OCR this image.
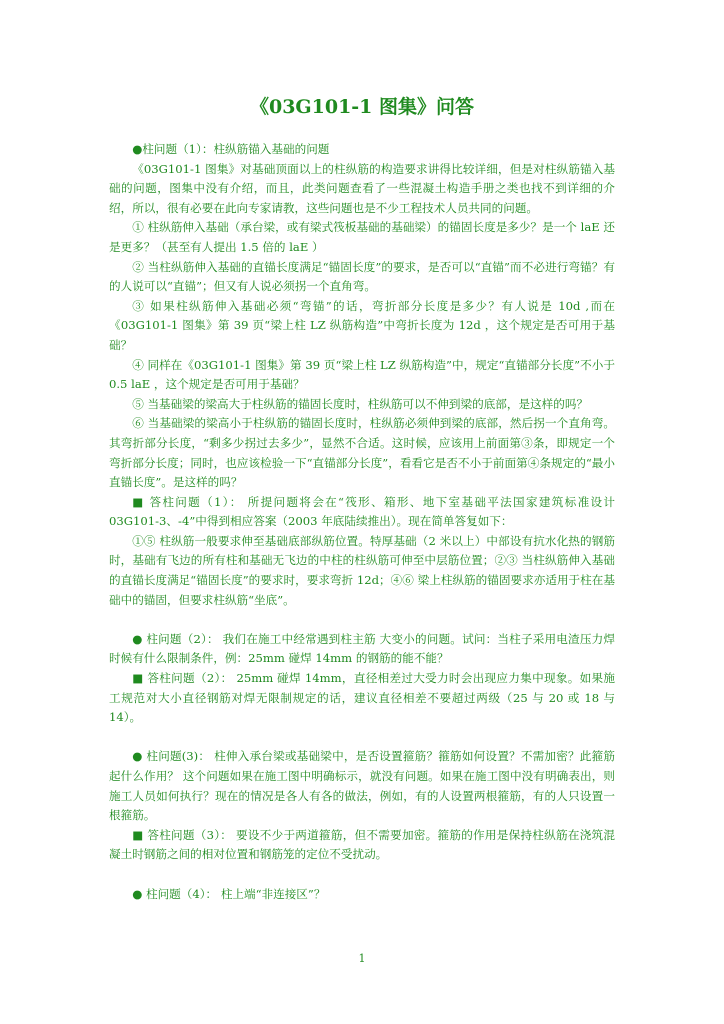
《03G101-1 图集》问答

●柱问题（1）：柱纵筋锚入基础的问题

《03G101-1 图集》对基础顶面以上的柱纵筋的构造要求讲得比较详细，但是对柱纵筋锚入基础的问题，图集中没有介绍，而且，此类问题查看了一些混凝土构造手册之类也找不到详细的介绍，所以，很有必要在此向专家请教，这些问题也是不少工程技术人员共同的问题。

① 柱纵筋伸入基础（承台梁，或有梁式筏板基础的基础梁）的锚固长度是多少？是一个 laE 还是更多？（甚至有人提出 1.5 倍的 laE ）

② 当柱纵筋伸入基础的直锚长度满足“锚固长度”的要求，是否可以“直锚”而不必进行弯锚？有的人说可以“直锚”；但又有人说必须拐一个直角弯。

③ 如果柱纵筋伸入基础必须“弯锚”的话，弯折部分长度是多少？有人说是 10d ,而在《03G101-1 图集》第 39 页“梁上柱 LZ 纵筋构造”中弯折长度为 12d ，这个规定是否可用于基础？

④ 同样在《03G101-1 图集》第 39 页“梁上柱 LZ 纵筋构造”中，规定“直锚部分长度”不小于 0.5 laE ，这个规定是否可用于基础？

⑤ 当基础梁的梁高大于柱纵筋的锚固长度时，柱纵筋可以不伸到梁的底部，是这样的吗？

⑥ 当基础梁的梁高小于柱纵筋的锚固长度时，柱纵筋必须伸到梁的底部，然后拐一个直角弯。其弯折部分长度，“剩多少拐过去多少”，显然不合适。这时候，应该用上前面第③条，即规定一个弯折部分长度；同时，也应该检验一下“直锚部分长度”，看看它是否不小于前面第④条规定的“最小直锚长度”。是这样的吗？

■ 答柱问题（1）： 所提问题将会在“筏形、箱形、地下室基础平法国家建筑标准设计 03G101-3、-4”中得到相应答案（2003 年底陆续推出）。现在简单答复如下：

①⑤ 柱纵筋一般要求伸至基础底部纵筋位置。特厚基础（2 米以上）中部设有抗水化热的钢筋时，基础有飞边的所有柱和基础无飞边的中柱的柱纵筋可伸至中层筋位置；②③ 当柱纵筋伸入基础的直锚长度满足“锚固长度”的要求时，要求弯折 12d；④⑥ 梁上柱纵筋的锚固要求亦适用于柱在基础中的锚固，但要求柱纵筋“坐底”。

● 柱问题（2）： 我们在施工中经常遇到柱主筋 大变小的问题。试问：当柱子采用电渣压力焊时候有什么限制条件，例：25mm 碰焊 14mm 的钢筋的能不能？

■ 答柱问题（2）： 25mm 碰焊 14mm，直径相差过大受力时会出现应力集中现象。如果施工规范对大小直径钢筋对焊无限制规定的话，建议直径相差不要超过两级（25 与 20 或 18 与 14）。

● 柱问题(3)： 柱伸入承台梁或基础梁中，是否设置箍筋？箍筋如何设置？不需加密？此箍筋起什么作用？ 这个问题如果在施工图中明确标示，就没有问题。如果在施工图中没有明确表出，则施工人员如何执行？现在的情况是各人有各的做法，例如，有的人设置两根箍筋，有的人只设置一根箍筋。

■ 答柱问题（3）： 要设不少于两道箍筋，但不需要加密。箍筋的作用是保持柱纵筋在浇筑混凝土时钢筋之间的相对位置和钢筋笼的定位不受扰动。

● 柱问题（4）： 柱上端“非连接区”？

1
